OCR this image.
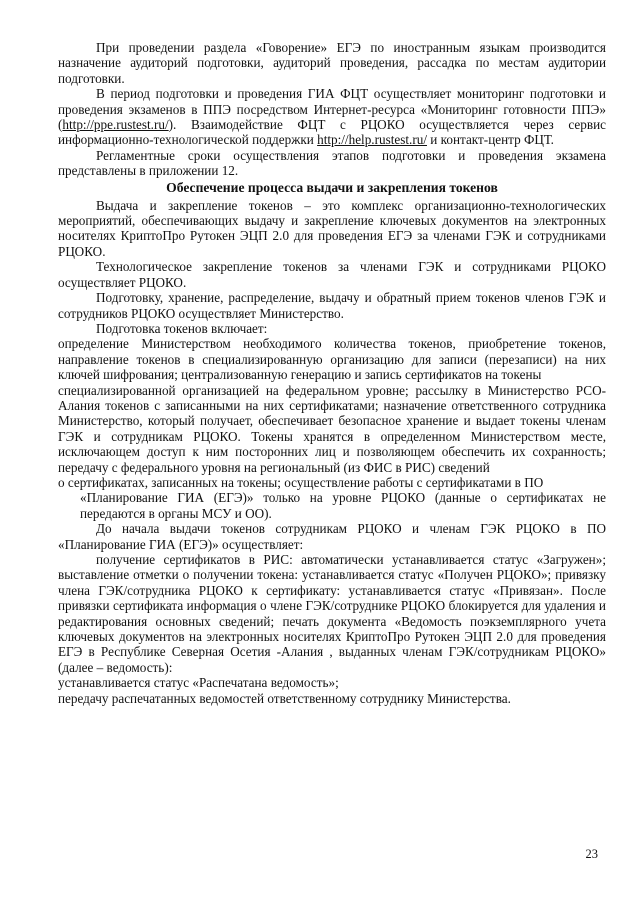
При проведении раздела «Говорение» ЕГЭ по иностранным языкам производится назначение аудиторий подготовки, аудиторий проведения, рассадка по местам аудитории подготовки.

В период подготовки и проведения ГИА ФЦТ осуществляет мониторинг подготовки и проведения экзаменов в ППЭ посредством Интернет-ресурса «Мониторинг готовности ППЭ» (http://ppe.rustest.ru/). Взаимодействие ФЦТ с РЦОКО осуществляется через сервис информационно-технологической поддержки http://help.rustest.ru/ и контакт-центр ФЦТ.

Регламентные сроки осуществления этапов подготовки и проведения экзамена представлены в приложении 12.

Обеспечение процесса выдачи и закрепления токенов

Выдача и закрепление токенов – это комплекс организационно-технологических мероприятий, обеспечивающих выдачу и закрепление ключевых документов на электронных носителях КриптоПро Рутокен ЭЦП 2.0 для проведения ЕГЭ за членами ГЭК и сотрудниками РЦОКО.

Технологическое закрепление токенов за членами ГЭК и сотрудниками РЦОКО осуществляет РЦОКО.

Подготовку, хранение, распределение, выдачу и обратный прием токенов членов ГЭК и сотрудников РЦОКО осуществляет Министерство.

Подготовка токенов включает:

определение Министерством необходимого количества токенов, приобретение токенов, направление токенов в специализированную организацию для записи (перезаписи) на них ключей шифрования; централизованную генерацию и запись сертификатов на токены

специализированной организацией на федеральном уровне; рассылку в Министерство РСО-Алания токенов с записанными на них сертификатами; назначение ответственного сотрудника Министерство, который получает, обеспечивает безопасное хранение и выдает токены членам ГЭК и сотрудникам РЦОКО. Токены хранятся в определенном Министерством месте, исключающем доступ к ним посторонних лиц и позволяющем обеспечить их сохранность; передачу с федерального уровня на региональный (из ФИС в РИС) сведений

о сертификатах, записанных на токены; осуществление работы с сертификатами в ПО

«Планирование ГИА (ЕГЭ)» только на уровне РЦОКО (данные о сертификатах не передаются в органы МСУ и ОО).

До начала выдачи токенов сотрудникам РЦОКО и членам ГЭК РЦОКО в ПО «Планирование ГИА (ЕГЭ)» осуществляет:

получение сертификатов в РИС: автоматически устанавливается статус «Загружен»; выставление отметки о получении токена: устанавливается статус «Получен РЦОКО»; привязку члена ГЭК/сотрудника РЦОКО к сертификату: устанавливается статус «Привязан». После привязки сертификата информация о члене ГЭК/сотруднике РЦОКО блокируется для удаления и редактирования основных сведений; печать документа «Ведомость поэкземплярного учета ключевых документов на электронных носителях КриптоПро Рутокен ЭЦП 2.0 для проведения ЕГЭ в Республике Северная Осетия -Алания , выданных членам ГЭК/сотрудникам РЦОКО» (далее – ведомость):

устанавливается статус «Распечатана ведомость»;

передачу распечатанных ведомостей ответственному сотруднику Министерства.

23
